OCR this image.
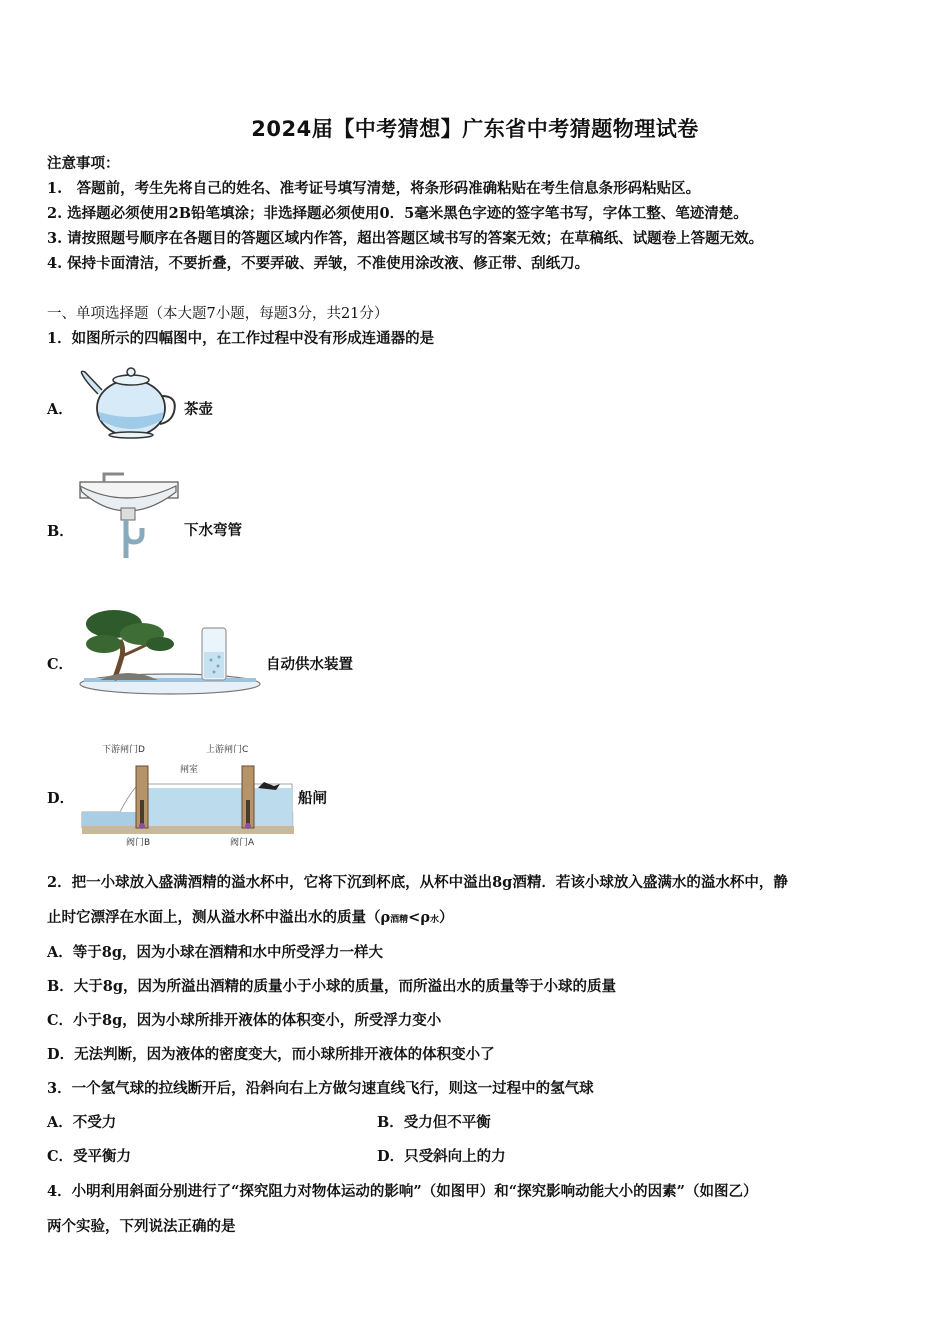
2024届【中考猜想】广东省中考猜题物理试卷
注意事项：
1.　答题前，考生先将自己的姓名、准考证号填写清楚，将条形码准确粘贴在考生信息条形码粘贴区。
2. 选择题必须使用2B铅笔填涂；非选择题必须使用0．5毫米黑色字迹的签字笔书写，字体工整、笔迹清楚。
3. 请按照题号顺序在各题目的答题区域内作答，超出答题区域书写的答案无效；在草稿纸、试题卷上答题无效。
4. 保持卡面清洁，不要折叠，不要弄破、弄皱，不准使用涂改液、修正带、刮纸刀。
一、单项选择题（本大题7小题，每题3分，共21分）
1．如图所示的四幅图中，在工作过程中没有形成连通器的是
A．	茶壶
B．	下水弯管
C．	自动供水装置
D．
下游闸门D	上游闸门C
闸室
阀门B	阀门A
船闸
2．把一小球放入盛满酒精的溢水杯中，它将下沉到杯底，从杯中溢出8g酒精．若该小球放入盛满水的溢水杯中，静
止时它漂浮在水面上，测从溢水杯中溢出水的质量（ρ酒精<ρ水）
A．等于8g，因为小球在酒精和水中所受浮力一样大
B．大于8g，因为所溢出酒精的质量小于小球的质量，而所溢出水的质量等于小球的质量
C．小于8g，因为小球所排开液体的体积变小，所受浮力变小
D．无法判断，因为液体的密度变大，而小球所排开液体的体积变小了
3．一个氢气球的拉线断开后，沿斜向右上方做匀速直线飞行，则这一过程中的氢气球
A．不受力	B．受力但不平衡
C．受平衡力	D．只受斜向上的力
4．小明利用斜面分别进行了“探究阻力对物体运动的影响”（如图甲）和“探究影响动能大小的因素”（如图乙）
两个实验，下列说法正确的是
